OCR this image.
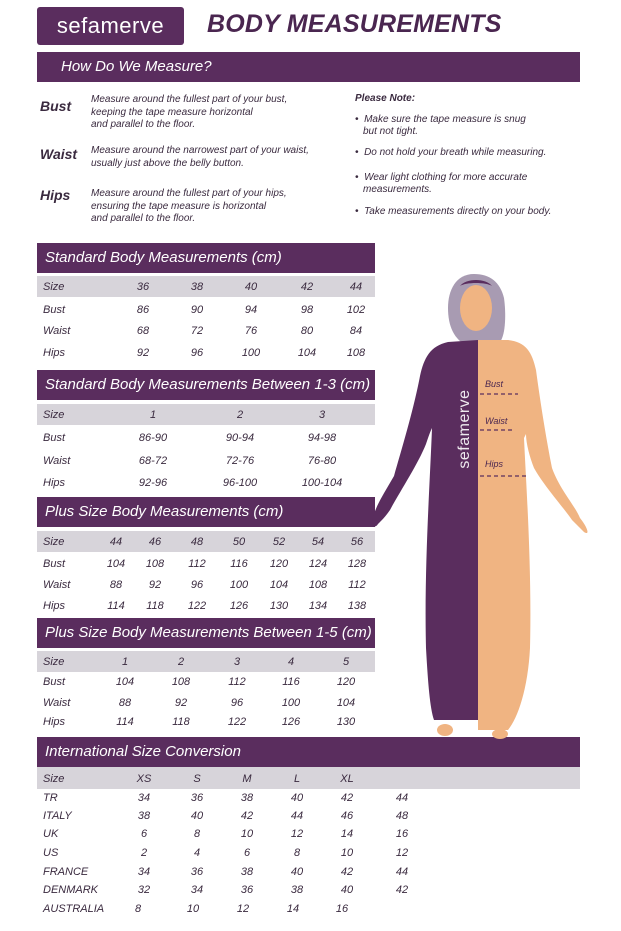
sefamerve	BODY MEASUREMENTS
How Do We Measure?
Bust Measure around the fullest part of your bust,
keeping the tape measure horizontal
and parallel to the floor.
Waist Measure around the narrowest part of your waist,
usually just above the belly button.
Hips Measure around the fullest part of your hips,
ensuring the tape measure is horizontal
and parallel to the floor.
Please Note:
•  Make sure the tape measure is snug
but not tight.
•  Do not hold your breath while measuring.
•  Wear light clothing for more accurate
measurements.
•  Take measurements directly on your body.
Standard Body Measurements (cm)
Size	36	38	40	42	44
Bust	86	90	94	98	102
Waist	68	72	76	80	84
Hips	92	96	100	104	108
Standard Body Measurements Between 1-3 (cm)
Size	1	2	3
Bust	86-90	90-94	94-98
Waist	68-72	72-76	76-80
Hips	92-96	96-100	100-104
Plus Size Body Measurements (cm)
Size	44	46	48	50	52	54	56
Bust	104	108	112	116	120	124	128
Waist	88	92	96	100	104	108	112
Hips	114	118	122	126	130	134	138
Plus Size Body Measurements Between 1-5 (cm)
Size	1	2	3	4	5
Bust	104	108	112	116	120
Waist	88	92	96	100	104
Hips	114	118	122	126	130
International Size Conversion
Size	XS	S	M	L	XL
TR	34	36	38	40	42	44
ITALY	38	40	42	44	46	48
UK	6	8	10	12	14	16
US	2	4	6	8	10	12
FRANCE	34	36	38	40	42	44
DENMARK	32	34	36	38	40	42
AUSTRALIA	8	10	12	14	16
Bust
Waist
Hips
sefamerve
